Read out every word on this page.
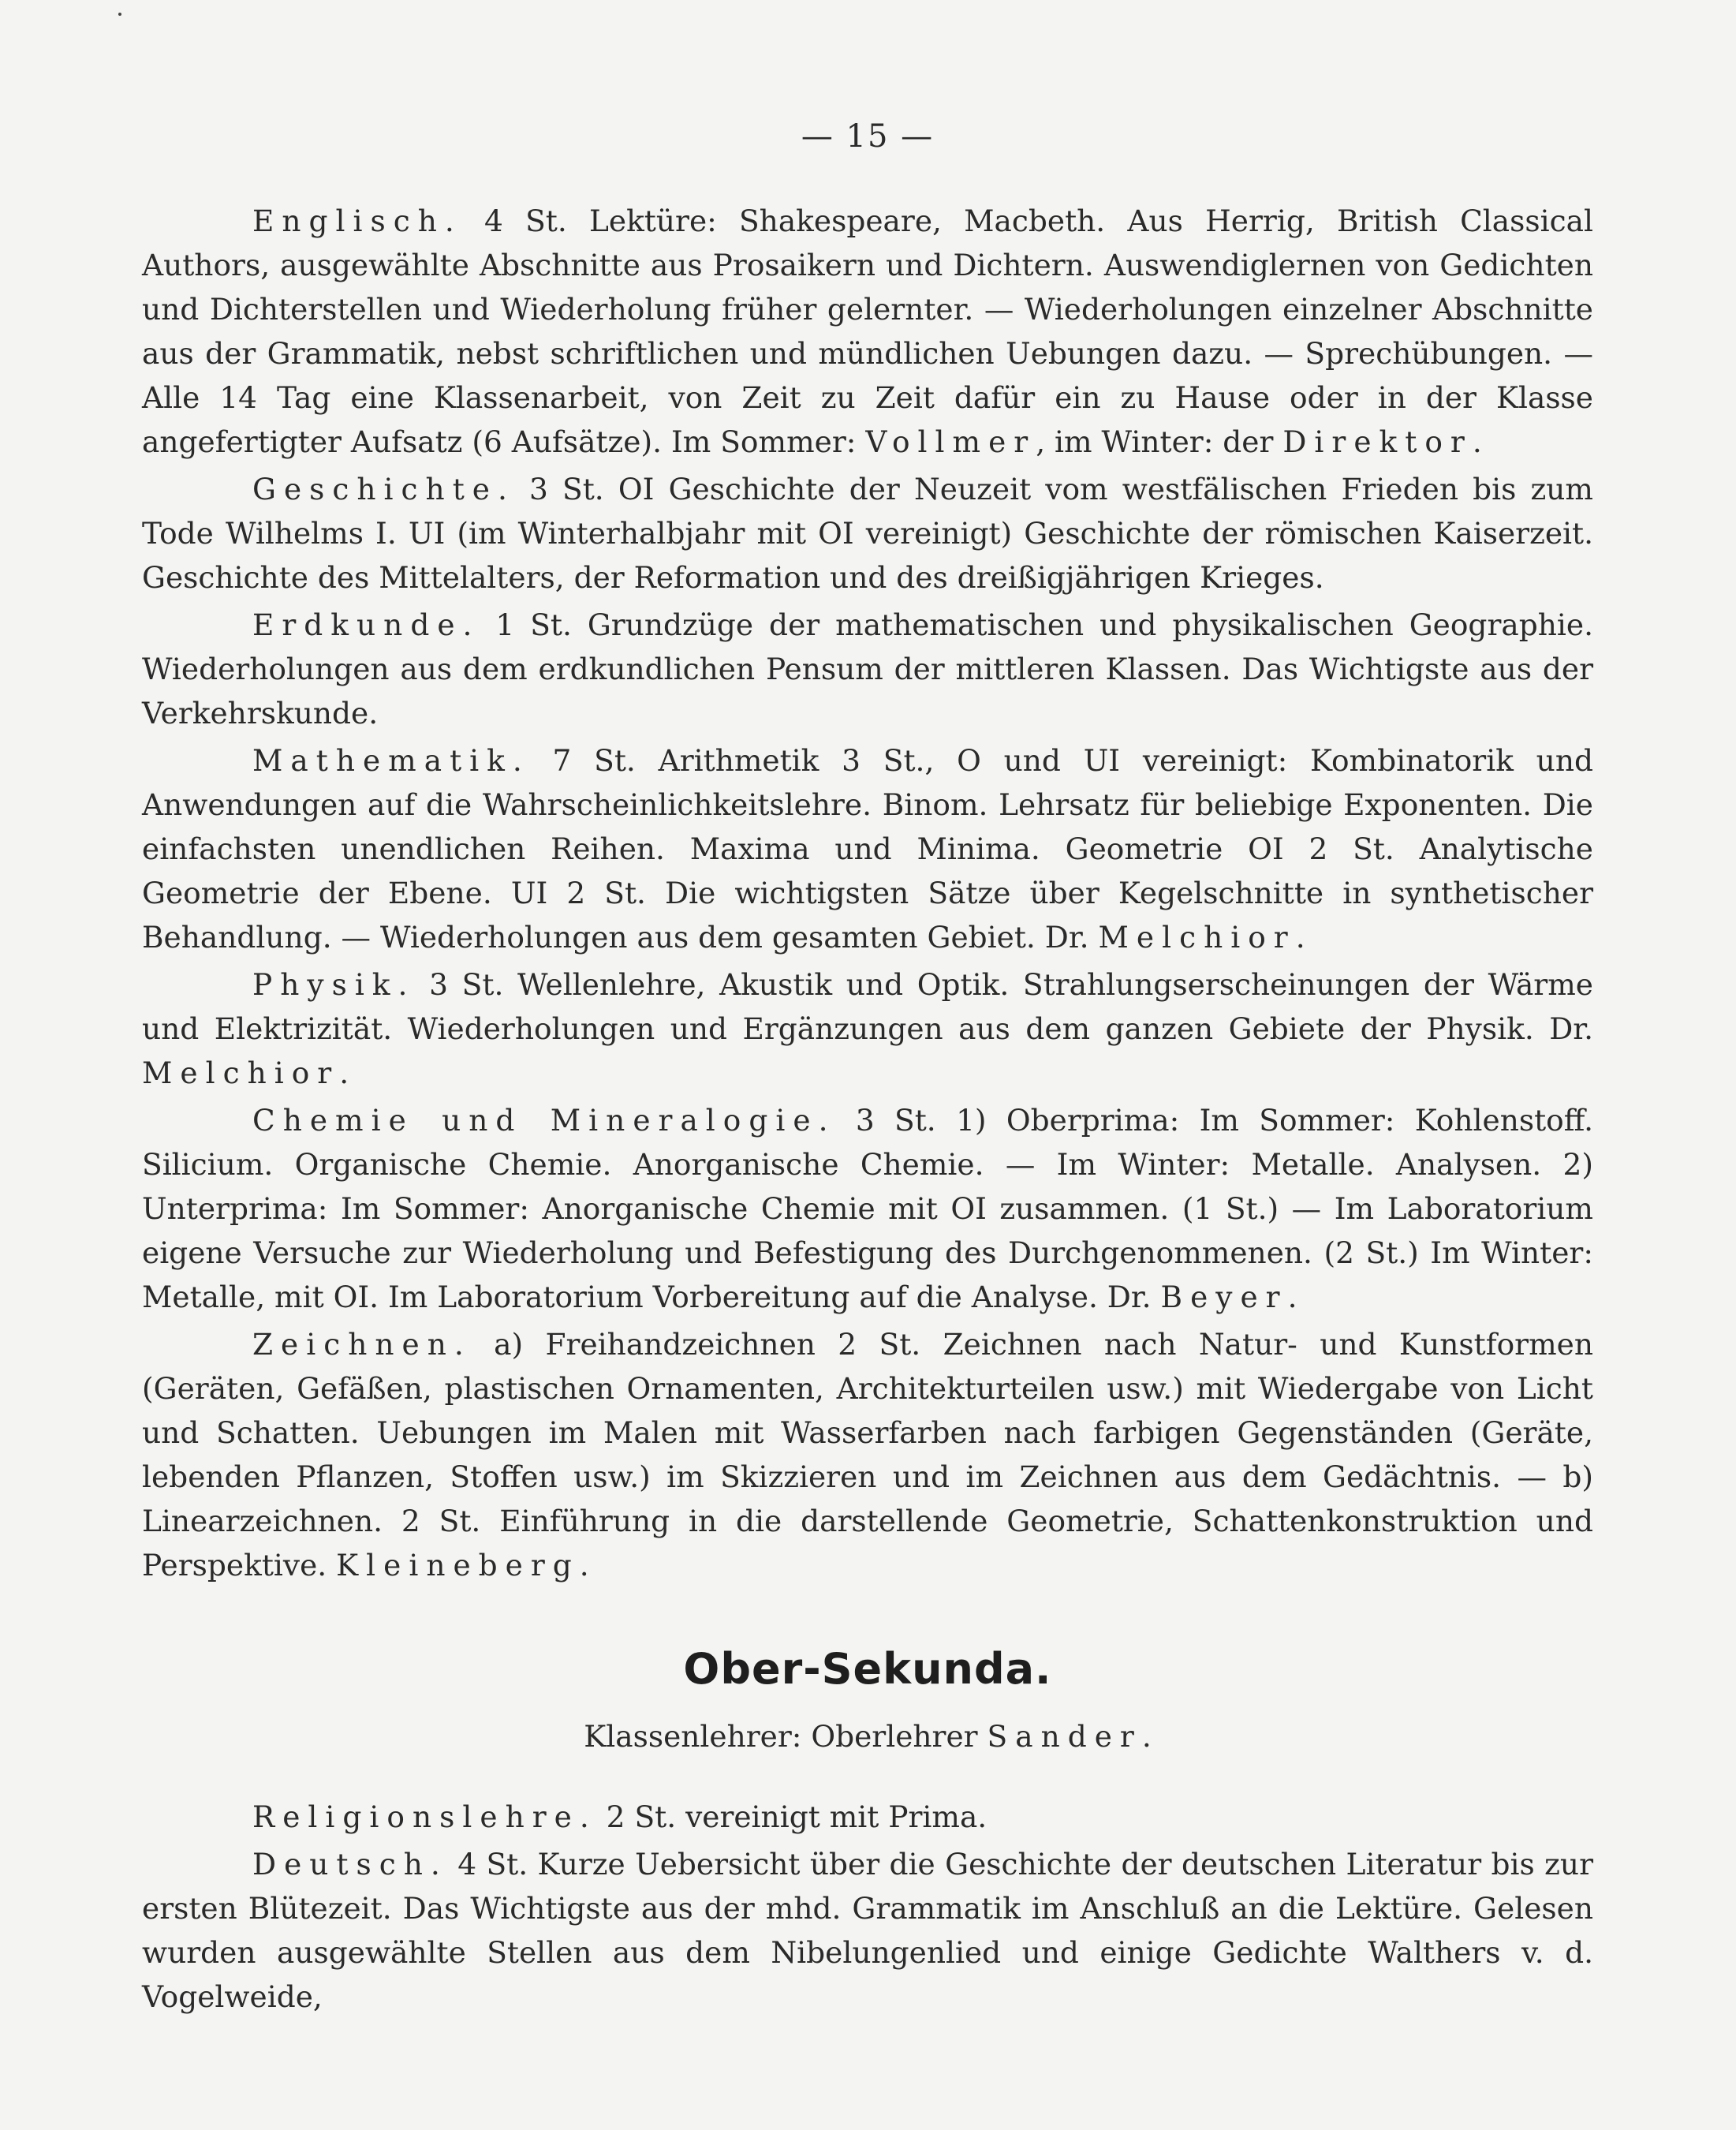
— 15 —

Englisch. 4 St. Lektüre: Shakespeare, Macbeth. Aus Herrig, British Classical Authors, ausgewählte Abschnitte aus Prosaikern und Dichtern. Auswendiglernen von Gedichten und Dichterstellen und Wiederholung früher gelernter. — Wiederholungen einzelner Abschnitte aus der Grammatik, nebst schriftlichen und mündlichen Uebungen dazu. — Sprechübungen. — Alle 14 Tag eine Klassenarbeit, von Zeit zu Zeit dafür ein zu Hause oder in der Klasse angefertigter Aufsatz (6 Aufsätze). Im Sommer: Vollmer, im Winter: der Direktor.

Geschichte. 3 St. OI Geschichte der Neuzeit vom westfälischen Frieden bis zum Tode Wilhelms I. UI (im Winterhalbjahr mit OI vereinigt) Geschichte der römischen Kaiserzeit. Geschichte des Mittelalters, der Reformation und des dreißigjährigen Krieges.

Erdkunde. 1 St. Grundzüge der mathematischen und physikalischen Geographie. Wiederholungen aus dem erdkundlichen Pensum der mittleren Klassen. Das Wichtigste aus der Verkehrskunde.

Mathematik. 7 St. Arithmetik 3 St., O und UI vereinigt: Kombinatorik und Anwendungen auf die Wahrscheinlichkeitslehre. Binom. Lehrsatz für beliebige Exponenten. Die einfachsten unendlichen Reihen. Maxima und Minima. Geometrie OI 2 St. Analytische Geometrie der Ebene. UI 2 St. Die wichtigsten Sätze über Kegelschnitte in synthetischer Behandlung. — Wiederholungen aus dem gesamten Gebiet. Dr. Melchior.

Physik. 3 St. Wellenlehre, Akustik und Optik. Strahlungserscheinungen der Wärme und Elektrizität. Wiederholungen und Ergänzungen aus dem ganzen Gebiete der Physik. Dr. Melchior.

Chemie und Mineralogie. 3 St. 1) Oberprima: Im Sommer: Kohlenstoff. Silicium. Organische Chemie. Anorganische Chemie. — Im Winter: Metalle. Analysen. 2) Unterprima: Im Sommer: Anorganische Chemie mit OI zusammen. (1 St.) — Im Laboratorium eigene Versuche zur Wiederholung und Befestigung des Durchgenommenen. (2 St.) Im Winter: Metalle, mit OI. Im Laboratorium Vorbereitung auf die Analyse. Dr. Beyer.

Zeichnen. a) Freihandzeichnen 2 St. Zeichnen nach Natur- und Kunstformen (Geräten, Gefäßen, plastischen Ornamenten, Architekturteilen usw.) mit Wiedergabe von Licht und Schatten. Uebungen im Malen mit Wasserfarben nach farbigen Gegenständen (Geräte, lebenden Pflanzen, Stoffen usw.) im Skizzieren und im Zeichnen aus dem Gedächtnis. — b) Linearzeichnen. 2 St. Einführung in die darstellende Geometrie, Schattenkonstruktion und Perspektive. Kleineberg.

Ober-Sekunda.
Klassenlehrer: Oberlehrer Sander.

Religionslehre. 2 St. vereinigt mit Prima.

Deutsch. 4 St. Kurze Uebersicht über die Geschichte der deutschen Literatur bis zur ersten Blütezeit. Das Wichtigste aus der mhd. Grammatik im Anschluß an die Lektüre. Gelesen wurden ausgewählte Stellen aus dem Nibelungenlied und einige Gedichte Walthers v. d. Vogelweide,
